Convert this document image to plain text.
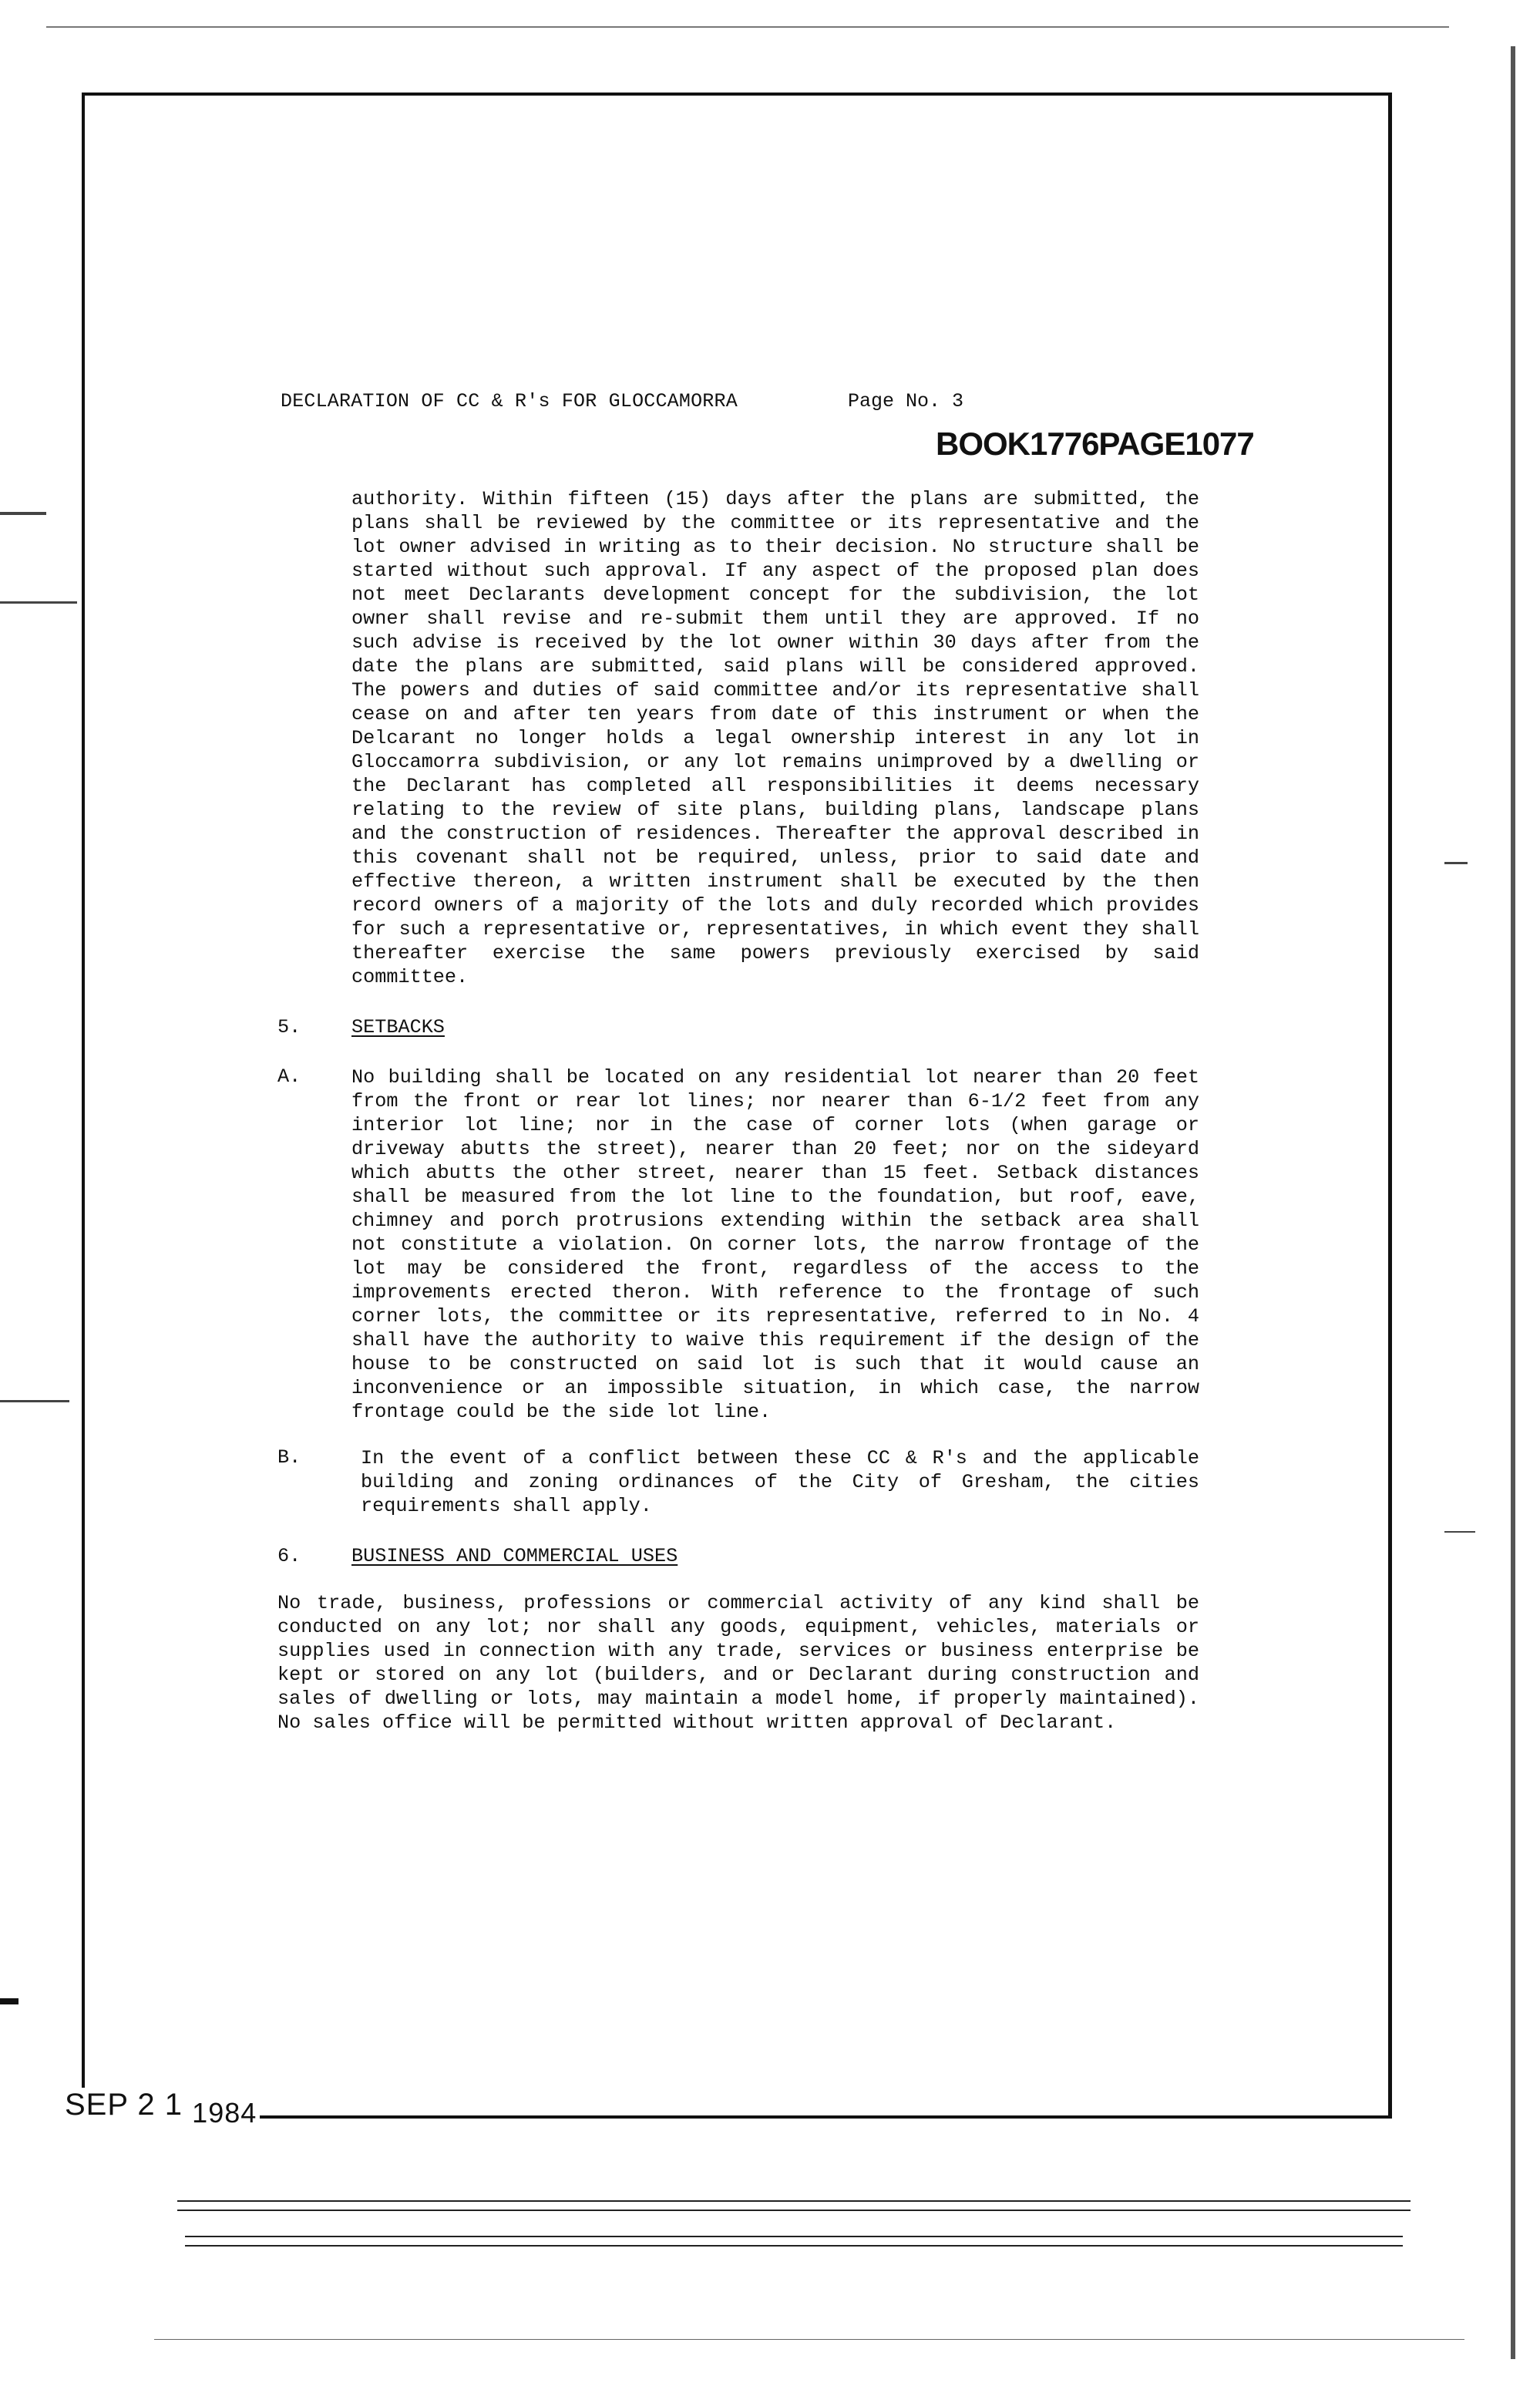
DECLARATION OF CC & R's FOR GLOCCAMORRA	Page No. 3
BOOK1776PAGE1077

authority. Within fifteen (15) days after the plans are submitted, the plans shall be reviewed by the committee or its representative and the lot owner advised in writing as to their decision. No structure shall be started without such approval. If any aspect of the proposed plan does not meet Declarants development concept for the subdivision, the lot owner shall revise and re-submit them until they are approved. If no such advise is received by the lot owner within 30 days after from the date the plans are submitted, said plans will be considered approved. The powers and duties of said committee and/or its representative shall cease on and after ten years from date of this instrument or when the Delcarant no longer holds a legal ownership interest in any lot in Gloccamorra subdivision, or any lot remains unimproved by a dwelling or the Declarant has completed all responsibilities it deems necessary relating to the review of site plans, building plans, landscape plans and the construction of residences. Thereafter the approval described in this covenant shall not be required, unless, prior to said date and effective thereon, a written instrument shall be executed by the then record owners of a majority of the lots and duly recorded which provides for such a representative or, representatives, in which event they shall thereafter exercise the same powers previously exercised by said committee.

5.	SETBACKS
A.	No building shall be located on any residential lot nearer than 20 feet from the front or rear lot lines; nor nearer than 6-1/2 feet from any interior lot line; nor in the case of corner lots (when garage or driveway abutts the street), nearer than 20 feet; nor on the sideyard which abutts the other street, nearer than 15 feet. Setback distances shall be measured from the lot line to the foundation, but roof, eave, chimney and porch protrusions extending within the setback area shall not constitute a violation. On corner lots, the narrow frontage of the lot may be considered the front, regardless of the access to the improvements erected theron. With reference to the frontage of such corner lots, the committee or its representative, referred to in No. 4 shall have the authority to waive this requirement if the design of the house to be constructed on said lot is such that it would cause an inconvenience or an impossible situation, in which case, the narrow frontage could be the side lot line.

B.	In the event of a conflict between these CC & R's and the applicable building and zoning ordinances of the City of Gresham, the cities requirements shall apply.

6.	BUSINESS AND COMMERCIAL USES

No trade, business, professions or commercial activity of any kind shall be conducted on any lot; nor shall any goods, equipment, vehicles, materials or supplies used in connection with any trade, services or business enterprise be kept or stored on any lot (builders, and or Declarant during construction and sales of dwelling or lots, may maintain a model home, if properly maintained). No sales office will be permitted without written approval of Declarant.

SEP 2 1 1984
